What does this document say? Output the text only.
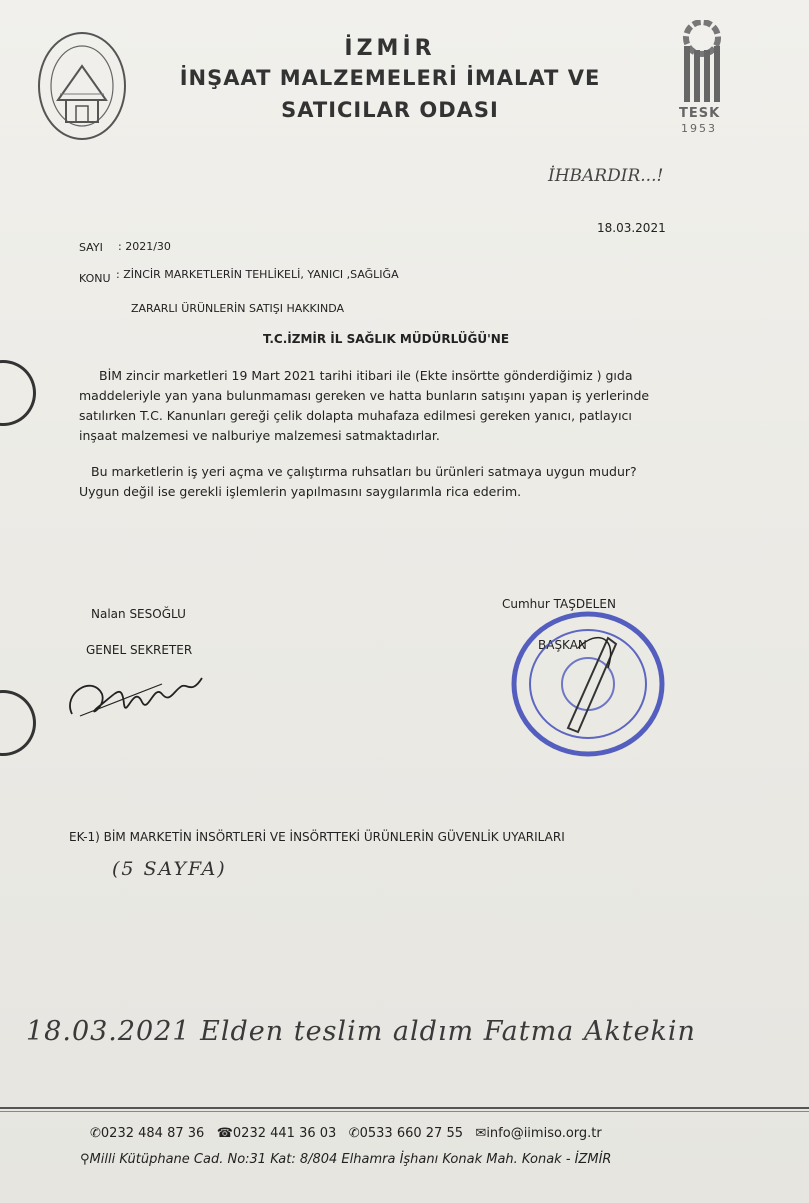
İZMİR
İNŞAAT MALZEMELERİ İMALAT VE
SATICILAR ODASI	TESK
1953
İHBARDIR...!
18.03.2021
SAYI : 2021/30
KONU : ZİNCİR MARKETLERİN TEHLİKELİ, YANICI ,SAĞLIĞA
ZARARLI ÜRÜNLERİN SATIŞI HAKKINDA
T.C.İZMİR İL SAĞLIK MÜDÜRLÜĞÜ'NE
BİM zincir marketleri 19 Mart 2021 tarihi itibari ile (Ekte insörtte gönderdiğimiz ) gıda
maddeleriyle yan yana bulunmaması gereken ve hatta bunların satışını yapan iş yerlerinde
satılırken T.C. Kanunları gereği çelik dolapta muhafaza edilmesi gereken yanıcı, patlayıcı
inşaat malzemesi ve nalburiye malzemesi satmaktadırlar.
Bu marketlerin iş yeri açma ve çalıştırma ruhsatları bu ürünleri satmaya uygun mudur?
Uygun değil ise gerekli işlemlerin yapılmasını saygılarımla rica ederim.
Nalan SESOĞLU
GENEL SEKRETER
Cumhur TAŞDELEN
BAŞKAN
EK-1) BİM MARKETİN İNSÖRTLERİ VE İNSÖRTTEKİ ÜRÜNLERİN GÜVENLİK UYARILARI
(5 SAYFA)
18.03.2021 Elden teslim aldım Fatma Aktekin
✆0232 484 87 36 ☎0232 441 36 03 ✆0533 660 27 55 ✉info@iimiso.org.tr
⚲Milli Kütüphane Cad. No:31 Kat: 8/804 Elhamra İşhanı Konak Mah. Konak - İZMİR
